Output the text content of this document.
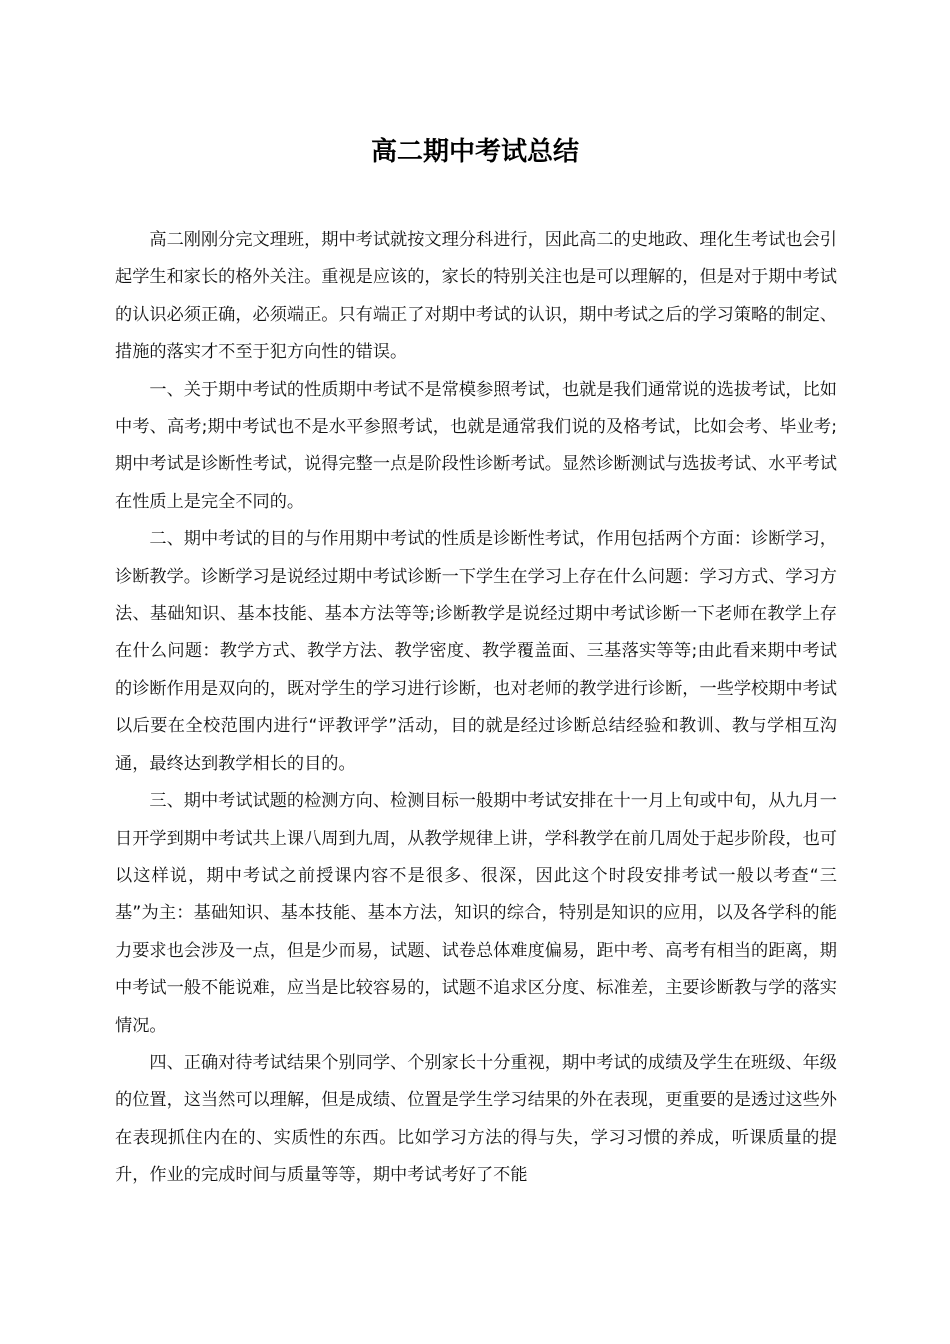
高二期中考试总结

高二刚刚分完文理班，期中考试就按文理分科进行，因此高二的史地政、理化生考试也会引起学生和家长的格外关注。重视是应该的，家长的特别关注也是可以理解的，但是对于期中考试的认识必须正确，必须端正。只有端正了对期中考试的认识，期中考试之后的学习策略的制定、措施的落实才不至于犯方向性的错误。

一、关于期中考试的性质期中考试不是常模参照考试，也就是我们通常说的选拔考试，比如中考、高考;期中考试也不是水平参照考试，也就是通常我们说的及格考试，比如会考、毕业考;期中考试是诊断性考试，说得完整一点是阶段性诊断考试。显然诊断测试与选拔考试、水平考试在性质上是完全不同的。

二、期中考试的目的与作用期中考试的性质是诊断性考试，作用包括两个方面：诊断学习，诊断教学。诊断学习是说经过期中考试诊断一下学生在学习上存在什么问题：学习方式、学习方法、基础知识、基本技能、基本方法等等;诊断教学是说经过期中考试诊断一下老师在教学上存在什么问题：教学方式、教学方法、教学密度、教学覆盖面、三基落实等等;由此看来期中考试的诊断作用是双向的，既对学生的学习进行诊断，也对老师的教学进行诊断，一些学校期中考试以后要在全校范围内进行“评教评学”活动，目的就是经过诊断总结经验和教训、教与学相互沟通，最终达到教学相长的目的。

三、期中考试试题的检测方向、检测目标一般期中考试安排在十一月上旬或中旬，从九月一日开学到期中考试共上课八周到九周，从教学规律上讲，学科教学在前几周处于起步阶段，也可以这样说，期中考试之前授课内容不是很多、很深，因此这个时段安排考试一般以考查“三基”为主：基础知识、基本技能、基本方法，知识的综合，特别是知识的应用，以及各学科的能力要求也会涉及一点，但是少而易，试题、试卷总体难度偏易，距中考、高考有相当的距离，期中考试一般不能说难，应当是比较容易的，试题不追求区分度、标准差，主要诊断教与学的落实情况。

四、正确对待考试结果个别同学、个别家长十分重视，期中考试的成绩及学生在班级、年级的位置，这当然可以理解，但是成绩、位置是学生学习结果的外在表现，更重要的是透过这些外在表现抓住内在的、实质性的东西。比如学习方法的得与失，学习习惯的养成，听课质量的提升，作业的完成时间与质量等等，期中考试考好了不能
